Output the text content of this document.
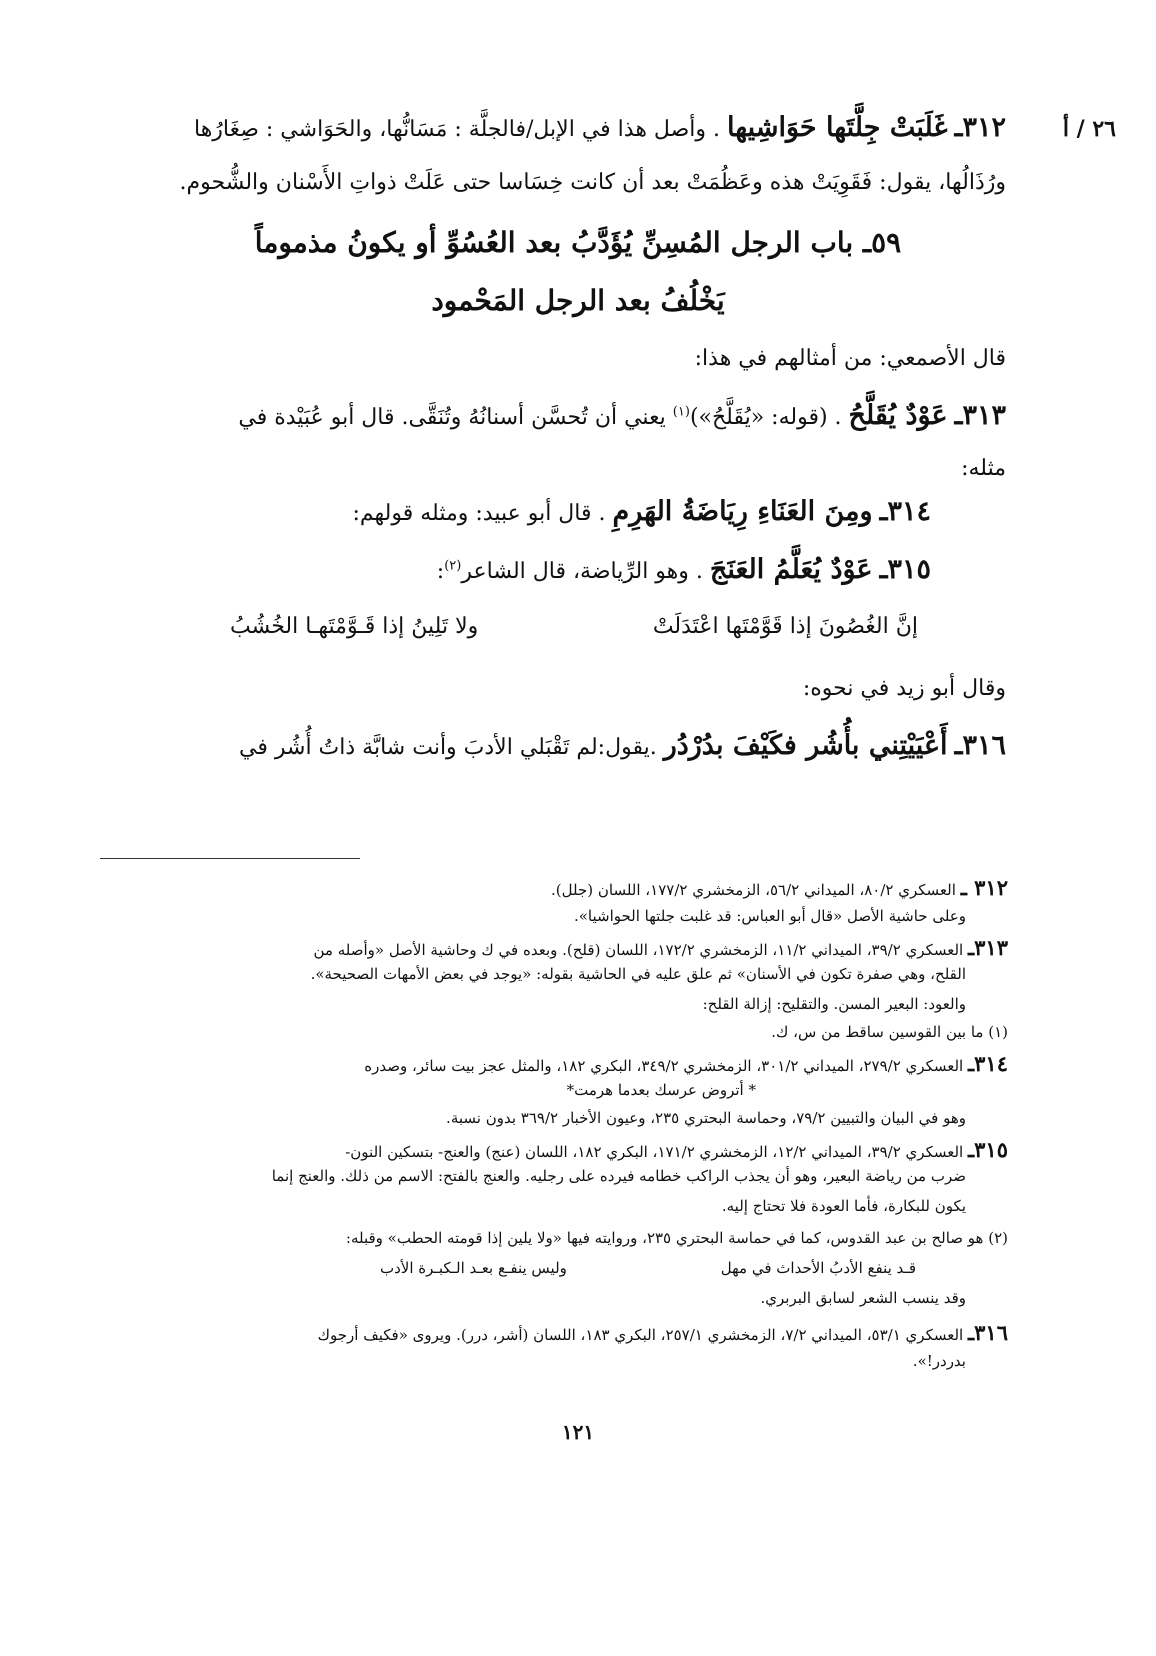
٣١٢ـ غَلَبَتْ جِلَّتَها حَوَاشِيها . وأصل هذا في الإبل/فالجلَّة : مَسَانُّها، والحَوَاشي : صِغَارُها	٢٦ / أ
ورُذَالُها، يقول: فَقَوِيَتْ هذه وعَظُمَتْ بعد أن كانت خِسَاسا حتى عَلَتْ ذواتِ الأَسْنان والشُّحوم.
٥٩ـ باب الرجل المُسِنِّ يُؤَدَّبُ بعد العُسُوِّ أو يكونُ مذموماً
يَخْلُفُ بعد الرجل المَحْمود
قال الأصمعي: من أمثالهم في هذا:
٣١٣ـ عَوْدٌ يُقَلَّحُ . (قوله: «يُقَلَّحُ»)$^{(١)}$ يعني أن تُحسَّن أسنانُهُ وتُنَقَّى. قال أبو عُبَيْدة في
مثله:
٣١٤ـ ومِنَ العَنَاءِ رِيَاضَةُ الهَرِمِ . قال أبو عبيد: ومثله قولهم:
٣١٥ـ عَوْدٌ يُعَلَّمُ العَنَجَ . وهو الرِّياضة، قال الشاعر$^{(٢)}$:
إنَّ الغُصُونَ إذا قَوَّمْتَها اعْتَدَلَتْ
ولا تَلِينُ إذا قَـوَّمْتَهـا الخُشُبُ
وقال أبو زيد في نحوه:
٣١٦ـ أَعْيَيْتِني بأُشُر فكَيْفَ بدُرْدُر .يقول:لم تَقْبَلي الأدبَ وأنت شابَّة ذاتُ أُشُر في
٣١٢ ـ العسكري ٨٠/٢، الميداني ٥٦/٢، الزمخشري ١٧٧/٢، اللسان (جلل).
وعلى حاشية الأصل «قال أبو العباس: قد غلبت جلتها الحواشيا».
٣١٣ـ العسكري ٣٩/٢، الميداني ١١/٢، الزمخشري ١٧٢/٢، اللسان (قلح). وبعده في ك وحاشية الأصل «وأصله من
القلح، وهي صفرة تكون في الأسنان» ثم علق عليه في الحاشية بقوله: «يوجد في بعض الأمهات الصحيحة».
والعود: البعير المسن. والتقليح: إزالة القلح:
(١) ما بين القوسين ساقط من س، ك.
٣١٤ـ العسكري ٢٧٩/٢، الميداني ٣٠١/٢، الزمخشري ٣٤٩/٢، البكري ١٨٢، والمثل عجز بيت سائر، وصدره
* أتروض عرسك بعدما هرمت*
وهو في البيان والتبيين ٧٩/٢، وحماسة البحتري ٢٣٥، وعيون الأخبار ٣٦٩/٢ بدون نسبة.
٣١٥ـ العسكري ٣٩/٢، الميداني ١٢/٢، الزمخشري ١٧١/٢، البكري ١٨٢، اللسان (عنج) والعنج- بتسكين النون-
ضرب من رياضة البعير، وهو أن يجذب الراكب خطامه فيرده على رجليه. والعنج بالفتح: الاسم من ذلك. والعنج إنما
يكون للبكارة، فأما العودة فلا تحتاج إليه.
(٢) هو صالح بن عبد القدوس، كما في حماسة البحتري ٢٣٥، وروايته فيها «ولا يلين إذا قومته الحطب» وقبله:
قـد ينفع الأدبُ الأحداث في مهل
وليس ينفـع بعـد الـكبـرة الأدب
وقد ينسب الشعر لسابق البربري.
٣١٦ـ العسكري ٥٣/١، الميداني ٧/٢، الزمخشري ٢٥٧/١، البكري ١٨٣، اللسان (أشر، درر). ويروى «فكيف أرجوك
بدردر!».
١٢١
